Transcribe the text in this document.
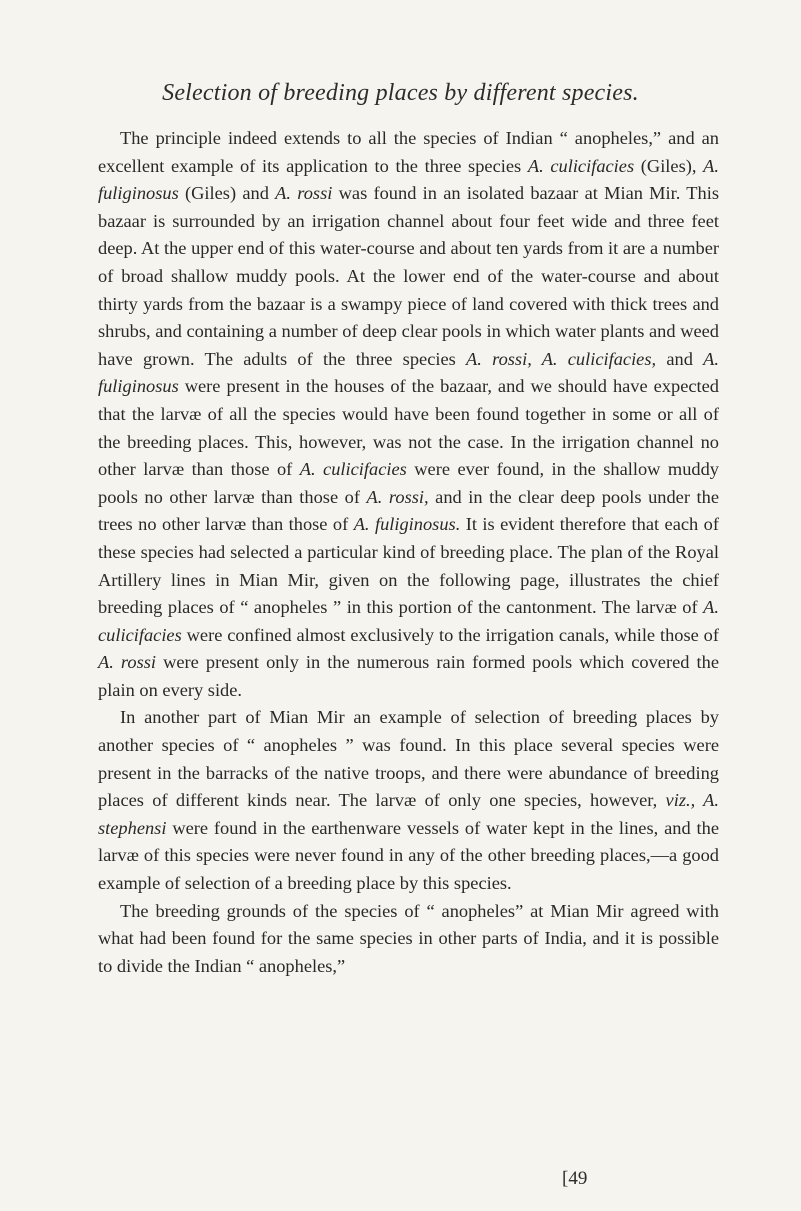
Selection of breeding places by different species.

The principle indeed extends to all the species of Indian “ anopheles,” and an excellent example of its application to the three species A. culicifacies (Giles), A. fuliginosus (Giles) and A. rossi was found in an isolated bazaar at Mian Mir. This bazaar is surrounded by an irrigation channel about four feet wide and three feet deep. At the upper end of this water-course and about ten yards from it are a number of broad shallow muddy pools. At the lower end of the water-course and about thirty yards from the bazaar is a swampy piece of land covered with thick trees and shrubs, and containing a number of deep clear pools in which water plants and weed have grown. The adults of the three species A. rossi, A. culicifacies, and A. fuliginosus were present in the houses of the bazaar, and we should have expected that the larvæ of all the species would have been found together in some or all of the breeding places. This, however, was not the case. In the irrigation channel no other larvæ than those of A. culicifacies were ever found, in the shallow muddy pools no other larvæ than those of A. rossi, and in the clear deep pools under the trees no other larvæ than those of A. fuliginosus. It is evident therefore that each of these species had selected a particular kind of breeding place. The plan of the Royal Artillery lines in Mian Mir, given on the following page, illustrates the chief breeding places of “ anopheles ” in this portion of the cantonment. The larvæ of A. culicifacies were confined almost exclusively to the irrigation canals, while those of A. rossi were present only in the numerous rain formed pools which covered the plain on every side.

In another part of Mian Mir an example of selection of breeding places by another species of “ anopheles ” was found. In this place several species were present in the barracks of the native troops, and there were abundance of breeding places of different kinds near. The larvæ of only one species, however, viz., A. stephensi were found in the earthenware vessels of water kept in the lines, and the larvæ of this species were never found in any of the other breeding places,—a good example of selection of a breeding place by this species.

The breeding grounds of the species of “ anopheles” at Mian Mir agreed with what had been found for the same species in other parts of India, and it is possible to divide the Indian “ anopheles,”

[49
